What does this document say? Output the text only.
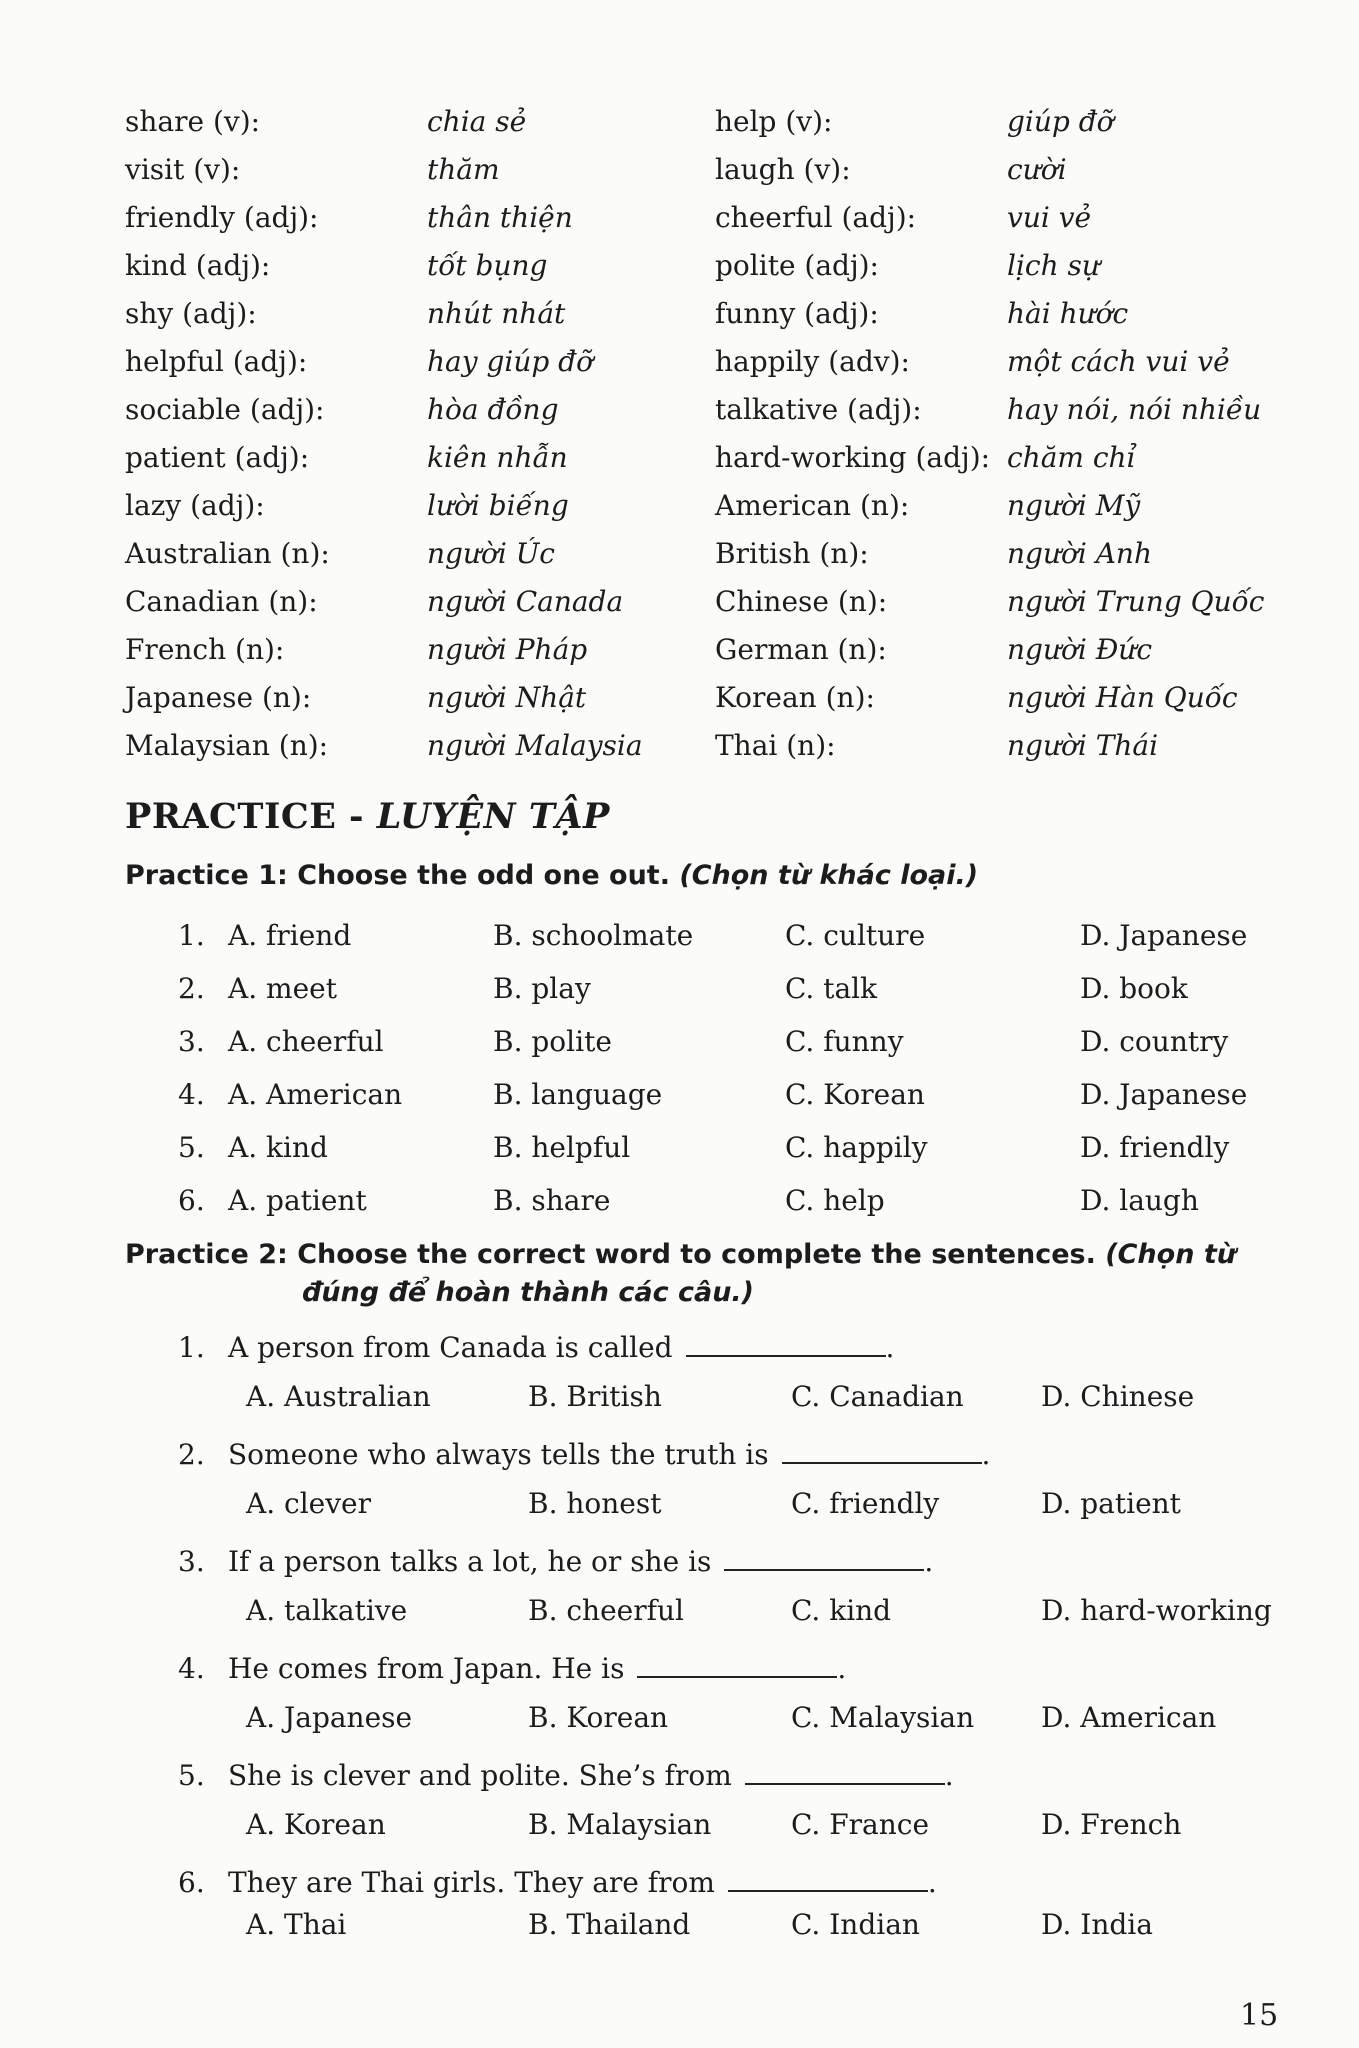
share (v):	chia sẻ	help (v):	giúp đỡ
visit (v):	thăm	laugh (v):	cười
friendly (adj):	thân thiện	cheerful (adj):	vui vẻ
kind (adj):	tốt bụng	polite (adj):	lịch sự
shy (adj):	nhút nhát	funny (adj):	hài hước
helpful (adj):	hay giúp đỡ	happily (adv):	một cách vui vẻ
sociable (adj):	hòa đồng	talkative (adj):	hay nói, nói nhiều
patient (adj):	kiên nhẫn	hard-working (adj): chăm chỉ
lazy (adj):	lười biếng	American (n):	người Mỹ
Australian (n):	người Úc	British (n):	người Anh
Canadian (n):	người Canada	Chinese (n):	người Trung Quốc
French (n):	người Pháp	German (n):	người Đức
Japanese (n):	người Nhật	Korean (n):	người Hàn Quốc
Malaysian (n):	người Malaysia	Thai (n):	người Thái
PRACTICE - LUYỆN TẬP
Practice 1: Choose the odd one out. (Chọn từ khác loại.)
1. A. friend	B. schoolmate	C. culture	D. Japanese
2. A. meet	B. play	C. talk	D. book
3. A. cheerful	B. polite	C. funny	D. country
4. A. American	B. language	C. Korean	D. Japanese
5. A. kind	B. helpful	C. happily	D. friendly
6. A. patient	B. share	C. help	D. laugh
Practice 2: Choose the correct word to complete the sentences. (Chọn từ
đúng để hoàn thành các câu.)
1. A person from Canada is called	.
A. Australian	B. British	C. Canadian	D. Chinese
2. Someone who always tells the truth is	.
A. clever	B. honest	C. friendly	D. patient
3. If a person talks a lot, he or she is	.
A. talkative	B. cheerful	C. kind	D. hard-working
4. He comes from Japan. He is	.
A. Japanese	B. Korean	C. Malaysian D. American
5. She is clever and polite. She’s from	.
A. Korean	B. Malaysian	C. France	D. French
6. They are Thai girls. They are from	.
A. Thai	B. Thailand	C. Indian	D. India
15
